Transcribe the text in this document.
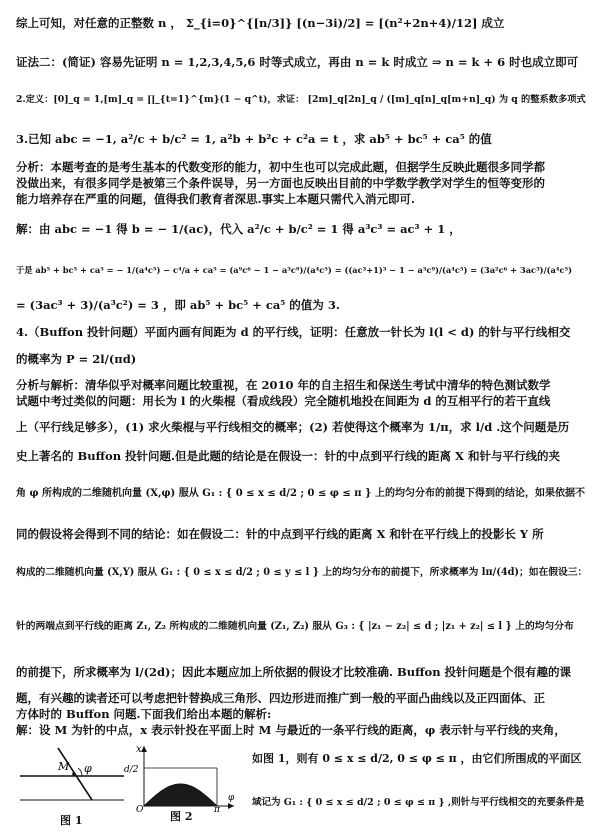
综上可知，对任意的正整数 n ， Σ_{i=0}^{[n/3]} [(n−3i)/2] = [(n²+2n+4)/12] 成立
证法二：(简证) 容易先证明 n = 1,2,3,4,5,6 时等式成立，再由 n = k 时成立 ⇒ n = k + 6 时也成立即可
2.定义：[0]_q = 1,[m]_q = ∏_{t=1}^{m}(1 − q^t)，求证： [2m]_q[2n]_q / ([m]_q[n]_q[m+n]_q) 为 q 的整系数多项式
3.已知 abc = −1, a²/c + b/c² = 1, a²b + b²c + c²a = t ，求 ab⁵ + bc⁵ + ca⁵ 的值
分析：本题考查的是考生基本的代数变形的能力，初中生也可以完成此题，但据学生反映此题很多同学都
没做出来，有很多同学是被第三个条件误导，另一方面也反映出目前的中学数学教学对学生的恒等变形的
能力培养存在严重的问题，值得我们教育者深思.事实上本题只需代入消元即可.
解：由 abc = −1 得 b = − 1/(ac)，代入 a²/c + b/c² = 1 得 a³c³ = ac³ + 1 ，
于是 ab⁵ + bc⁵ + ca⁵ = − 1/(a⁴c⁵) − c⁴/a + ca⁵ = (a⁹c⁶ − 1 − a³c⁹)/(a⁴c⁵) = ((ac³+1)³ − 1 − a³c⁹)/(a⁴c⁵) = (3a²c⁶ + 3ac³)/(a⁴c⁵)
= (3ac³ + 3)/(a³c²) = 3 ，即 ab⁵ + bc⁵ + ca⁵ 的值为 3.
4.（Buffon 投针问题）平面内画有间距为 d 的平行线，证明：任意放一针长为 l(l < d) 的针与平行线相交
的概率为 P = 2l/(πd)
分析与解析：清华似乎对概率问题比较重视，在 2010 年的自主招生和保送生考试中清华的特色测试数学
试题中考过类似的问题：用长为 l 的火柴棍（看成线段）完全随机地投在间距为 d 的互相平行的若干直线
上（平行线足够多），(1) 求火柴棍与平行线相交的概率；(2) 若使得这个概率为 1/π，求 l/d .这个问题是历
史上著名的 Buffon 投针问题.但是此题的结论是在假设一：针的中点到平行线的距离 X 和针与平行线的夹
角 φ 所构成的二维随机向量 (X,φ) 服从 G₁ : { 0 ≤ x ≤ d/2 ; 0 ≤ φ ≤ π } 上的均匀分布的前提下得到的结论，如果依据不
同的假设将会得到不同的结论：如在假设二：针的中点到平行线的距离 X 和针在平行线上的投影长 Y 所
构成的二维随机向量 (X,Y) 服从 G₁ : { 0 ≤ x ≤ d/2 ; 0 ≤ y ≤ l } 上的均匀分布的前提下，所求概率为 lπ/(4d)；如在假设三：
针的两端点到平行线的距离 Z₁, Z₂ 所构成的二维随机向量 (Z₁, Z₂) 服从 G₃ : { |z₁ − z₂| ≤ d ; |z₁ + z₂| ≤ l } 上的均匀分布
的前提下，所求概率为 l/(2d)；因此本题应加上所依据的假设才比较准确. Buffon 投针问题是个很有趣的课
题，有兴趣的读者还可以考虑把针替换成三角形、四边形进而推广到一般的平面凸曲线以及正四面体、正
方体时的 Buffon 问题.下面我们给出本题的解析:
解：设 M 为针的中点，x 表示针投在平面上时 M 与最近的一条平行线的距离，φ 表示针与平行线的夹角，
如图 1，则有 0 ≤ x ≤ d/2, 0 ≤ φ ≤ π ，由它们所围成的平面区
域记为 G₁ : { 0 ≤ x ≤ d/2 ; 0 ≤ φ ≤ π } ,则针与平行线相交的充要条件是
M φ
图 1
x
d/2
O	π
φ
图 2
